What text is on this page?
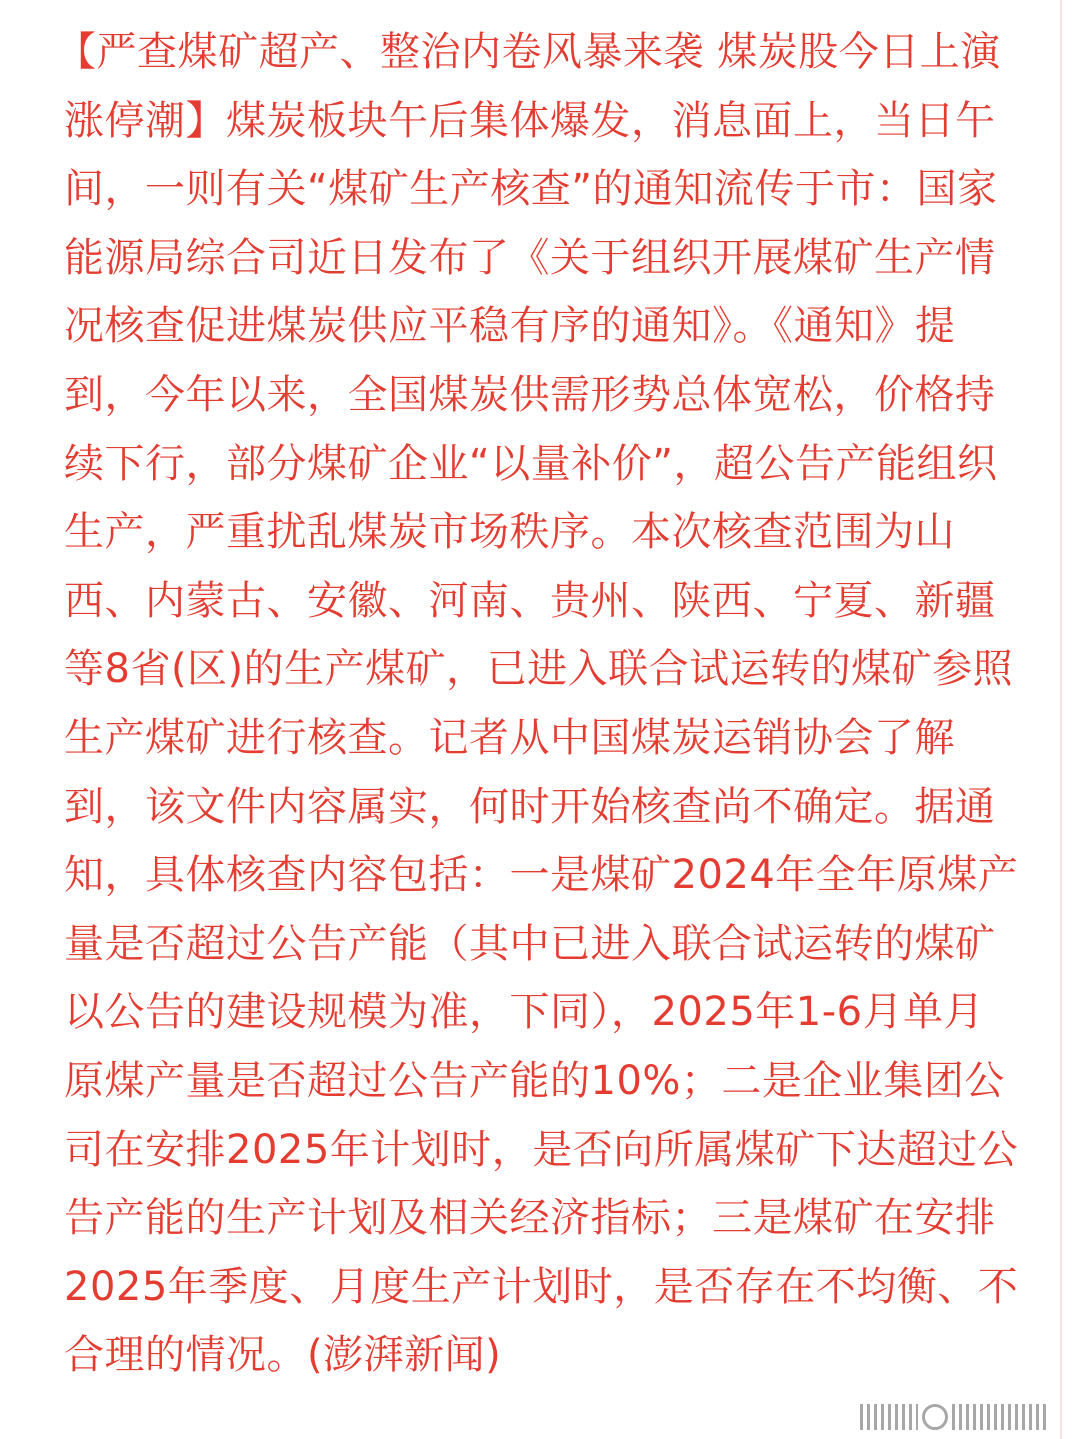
【严查煤矿超产、整治内卷风暴来袭 煤炭股今日上演
涨停潮】煤炭板块午后集体爆发，消息面上，当日午
间，一则有关“煤矿生产核查”的通知流传于市：国家
能源局综合司近日发布了《关于组织开展煤矿生产情
况核查促进煤炭供应平稳有序的通知》。《通知》提
到，今年以来，全国煤炭供需形势总体宽松，价格持
续下行，部分煤矿企业“以量补价”，超公告产能组织
生产，严重扰乱煤炭市场秩序。本次核查范围为山
西、内蒙古、安徽、河南、贵州、陕西、宁夏、新疆
等8省(区)的生产煤矿，已进入联合试运转的煤矿参照
生产煤矿进行核查。记者从中国煤炭运销协会了解
到，该文件内容属实，何时开始核查尚不确定。据通
知，具体核查内容包括：一是煤矿2024年全年原煤产
量是否超过公告产能（其中已进入联合试运转的煤矿
以公告的建设规模为准，下同），2025年1-6月单月
原煤产量是否超过公告产能的10%；二是企业集团公
司在安排2025年计划时，是否向所属煤矿下达超过公
告产能的生产计划及相关经济指标；三是煤矿在安排
2025年季度、月度生产计划时，是否存在不均衡、不
合理的情况。(澎湃新闻)
